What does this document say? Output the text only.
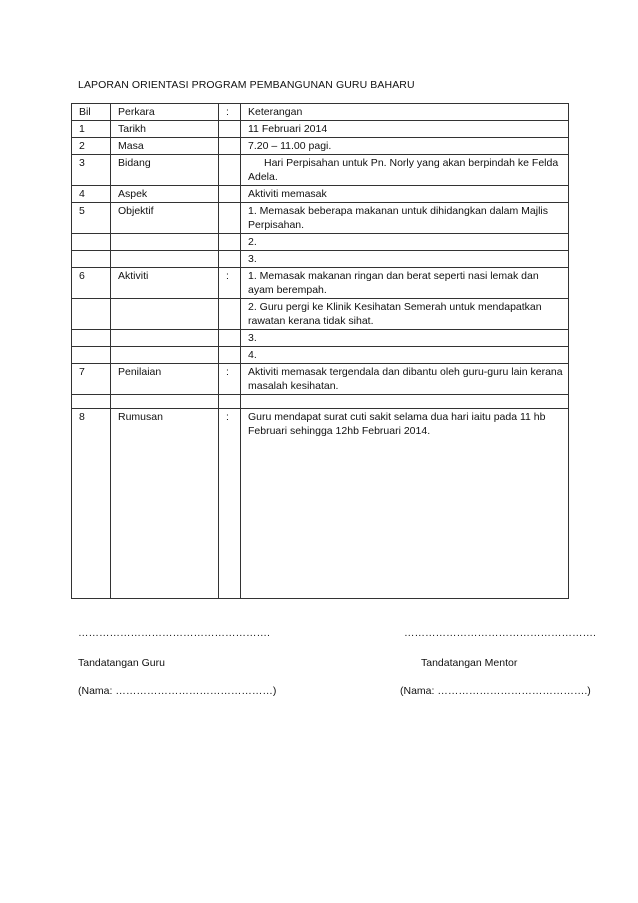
LAPORAN ORIENTASI PROGRAM PEMBANGUNAN GURU BAHARU
Bil	Perkara	:	Keterangan
1	Tarikh		11 Februari 2014
2	Masa		7.20 – 11.00 pagi.
3	Bidang		Hari Perpisahan untuk Pn. Norly yang akan berpindah ke Felda Adela.
4	Aspek		Aktiviti memasak
5	Objektif		1. Memasak beberapa makanan untuk dihidangkan dalam Majlis Perpisahan.
			2.
			3.
6	Aktiviti	:	1. Memasak makanan ringan dan berat seperti nasi lemak dan ayam berempah.
			2. Guru pergi ke Klinik Kesihatan Semerah untuk mendapatkan rawatan kerana tidak sihat.
			3.
			4.
7	Penilaian	:	Aktiviti memasak tergendala dan dibantu oleh guru-guru lain kerana masalah kesihatan.

8	Rumusan	:	Guru mendapat surat cuti sakit selama dua hari iaitu pada 11 hb Februari sehingga 12hb Februari 2014.
……………………………………………….	……………………………………………….
Tandatangan Guru	Tandatangan Mentor
(Nama: ………………………………………)	(Nama: …………………………………….)
